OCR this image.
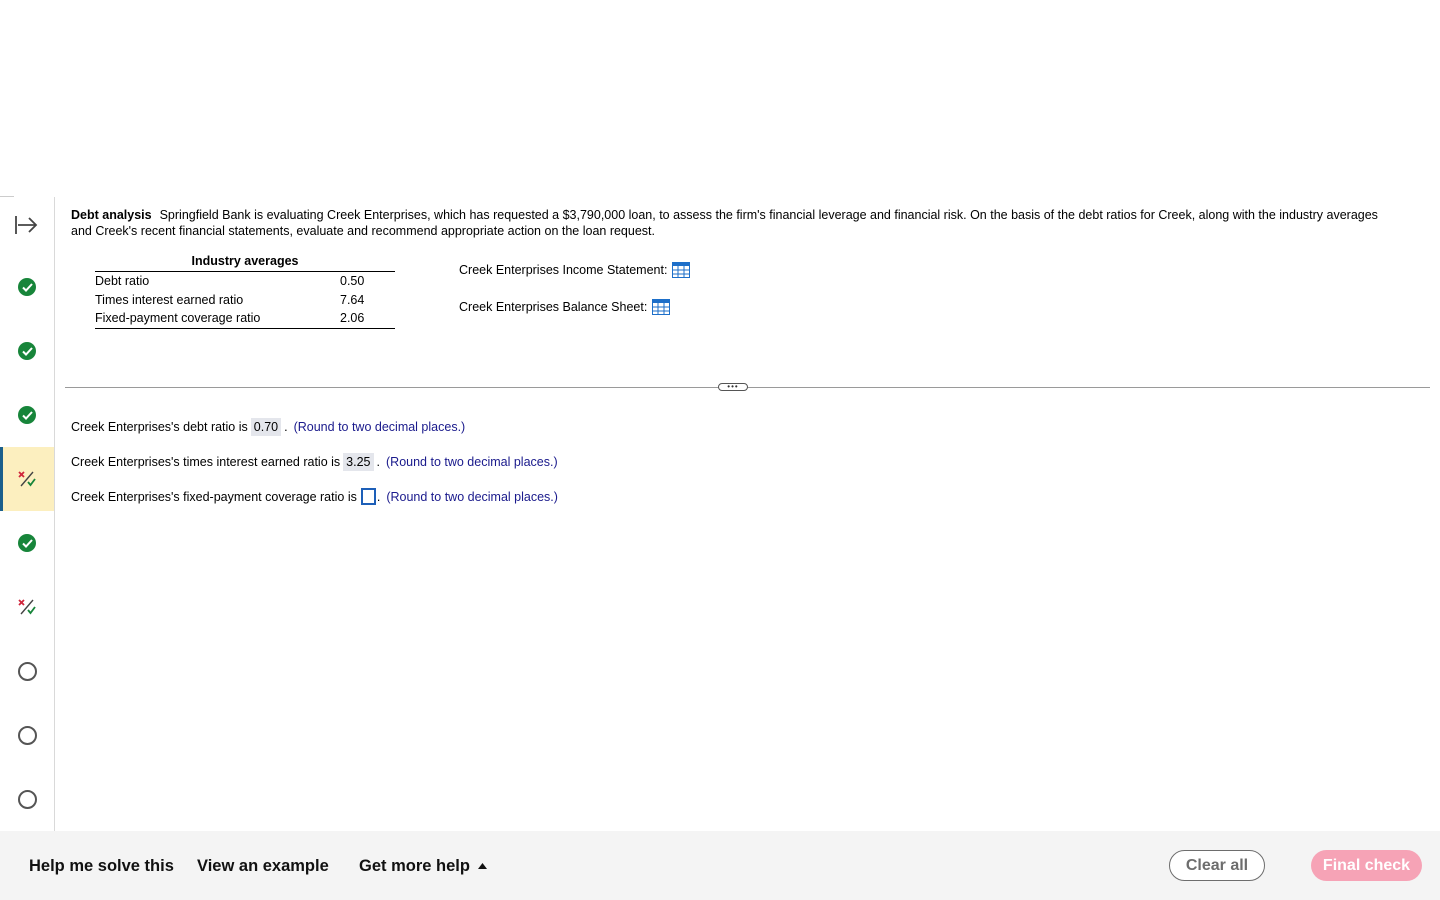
Debt analysis Springfield Bank is evaluating Creek Enterprises, which has requested a $3,790,000 loan, to assess the firm's financial leverage and financial risk. On the basis of the debt ratios for Creek, along with the industry averages and Creek's recent financial statements, evaluate and recommend appropriate action on the loan request.
Industry averages
Debt ratio	0.50
Times interest earned ratio	7.64
Fixed-payment coverage ratio	2.06
Creek Enterprises Income Statement:
Creek Enterprises Balance Sheet:
•••
Creek Enterprises's debt ratio is 0.70 . (Round to two decimal places.)
Creek Enterprises's times interest earned ratio is 3.25 . (Round to two decimal places.)
Creek Enterprises's fixed-payment coverage ratio is . (Round to two decimal places.)
Help me solve this View an example Get more help	Clear all	Final check
